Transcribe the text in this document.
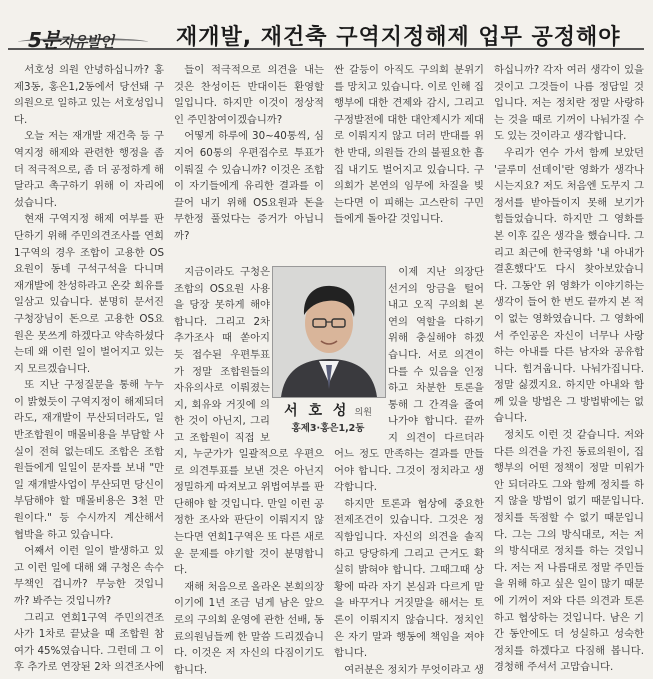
5분자유발언	재개발, 재건축 구역지정해제 업무 공정해야

서호성 의원 안녕하십니까? 홍제3동, 홍은1,2동에서 당선돼 구의원으로 일하고 있는 서호성입니다.

오늘 저는 재개발 재건축 등 구역지정 해제와 관련한 행정을 좀 더 적극적으로, 좀 더 공정하게 해달라고 촉구하기 위해 이 자리에 섰습니다.

현재 구역지정 해제 여부를 판단하기 위해 주민의견조사를 연희1구역의 경우 조합이 고용한 OS요원이 동네 구석구석을 다니며 재개발에 찬성하라고 온갖 회유를 일삼고 있습니다. 분명히 문서진 구청장님이 돈으로 고용한 OS요원은 못쓰게 하겠다고 약속하셨다는데 왜 이런 일이 벌어지고 있는지 모르겠습니다.

또 지난 구정질문을 통해 누누이 밝혔듯이 구역지정이 해제되더라도, 재개발이 무산되더라도, 일반조합원이 매몰비용을 부담할 사실이 전혀 없는데도 조합은 조합원들에게 일일이 문자를 보내 "만일 재개발사업이 무산되면 당신이 부담해야 할 매몰비용은 3천 만 원이다." 등 수시까지 계산해서 협박을 하고 있습니다.

어째서 이런 일이 발생하고 있고 이런 일에 대해 왜 구청은 속수무책인 겁니까? 무능한 것입니까? 봐주는 것입니까?

그리고 연희1구역 주민의견조사가 1차로 끝났을 때 조합원 참여가 45%였습니다. 그런데 그 이후 추가로 연장된 2차 의견조사에

들이 적극적으로 의견을 내는 것은 찬성이든 반대이든 환영할 일입니다. 하지만 이것이 정상적인 주민참여이겠습니까?

어떻게 하루에 30~40통씩, 심지어 60통의 우편접수로 투표가 이뤄질 수 있습니까? 이것은 조합이 자기들에게 유리한 결과를 이끌어 내기 위해 OS요원과 돈을 무한정 풀었다는 증거가 아닙니까?

지금이라도 구청은 조합의 OS요원 사용을 당장 못하게 해야 합니다. 그리고 2차 추가조사 때 쏟아지듯 접수된 우편투표가 정말 조합원들의 자유의사로 이뤄졌는지, 회유와 거짓에 의한 것이 아닌지, 그리고 조합원이 직접 보

지, 누군가가 일괄적으로 우편으로 의견투표를 보낸 것은 아닌지 정밀하게 따져보고 위법여부를 판단해야 할 것입니다. 만일 이런 공정한 조사와 판단이 이뤄지지 않는다면 연희1구역은 또 다른 새로운 문제를 야기할 것이 분명합니다.

재해 처음으로 올라온 본회의장이기에 1년 조금 넘게 남은 앞으로의 구의회 운영에 관한 선배, 동료의원님들께 한 말씀 드리겠습니다. 이것은 저 자신의 다짐이기도 합니다.

싼 갈등이 아직도 구의회 분위기를 망치고 있습니다. 이로 인해 집행부에 대한 견제와 감시, 그리고 구정발전에 대한 대안제시가 제대로 이뤄지지 않고 더러 반대를 위한 반대, 의원들 간의 불필요한 흠집 내기도 벌어지고 있습니다. 구의회가 본연의 임무에 차질을 빚는다면 이 피해는 고스란히 구민들에게 돌아갈 것입니다.

이제 지난 의장단 선거의 앙금을 털어내고 오직 구의회 본연의 역할을 다하기 위해 충실해야 하겠습니다. 서로 의견이 다를 수 있음을 인정하고 차분한 토론을 통해 그 간격을 줄여나가야 합니다. 끝까지 의견이 다르더라

어느 정도 만족하는 결과를 만들어야 합니다. 그것이 정치라고 생각합니다.

하지만 토론과 협상에 중요한 전제조건이 있습니다. 그것은 정직함입니다. 자신의 의견을 솔직하고 당당하게 그리고 근거도 확실히 밝혀야 합니다. 그때그때 상황에 따라 자기 본심과 다르게 말을 바꾸거나 거짓말을 해서는 토론이 이뤄지지 않습니다. 정치인은 자기 말과 행동에 책임을 져야 합니다.

여러분은 정치가 무엇이라고 생

하십니까? 각자 여러 생각이 있을 것이고 그것들이 나름 정답일 것입니다. 저는 정치란 정말 사랑하는 것을 때로 기꺼이 나눠가질 수도 있는 것이라고 생각합니다.

우리가 연수 가서 함께 보았던 '글루미 선데이'란 영화가 생각나시는지요? 저도 처음엔 도무지 그 정서를 받아들이지 못해 보기가 힘들었습니다. 하지만 그 영화를 본 이후 깊은 생각을 했습니다. 그리고 최근에 한국영화 '내 아내가 결혼했다'도 다시 찾아보았습니다. 그동안 위 영화가 이야기하는 생각이 들어 한 번도 끝까지 본 적이 없는 영화였습니다. 그 영화에서 주인공은 자신이 너무나 사랑하는 아내를 다른 남자와 공유합니다. 힘겨웁니다. 나눠가집니다. 정말 싫겠지요. 하지만 아내와 함께 있을 방법은 그 방법밖에는 없습니다.

정치도 이런 것 같습니다. 저와 다른 의견을 가진 동료의원이, 집행부의 어떤 정책이 정말 미워가 안 되더라도 그와 함께 정치를 하지 않을 방법이 없기 때문입니다. 정치를 독점할 수 없기 때문입니다. 그는 그의 방식대로, 저는 저의 방식대로 정치를 하는 것입니다. 저는 저 나름대로 정말 주민들을 위해 하고 싶은 일이 많기 때문에 기꺼이 저와 다른 의견과 토론하고 협상하는 것입니다. 남은 기간 동안에도 더 성실하고 성숙한 정치를 하겠다고 다짐해 봅니다. 경청해 주셔서 고맙습니다.

서 호 성 의원
홍제3·홍은1,2동
